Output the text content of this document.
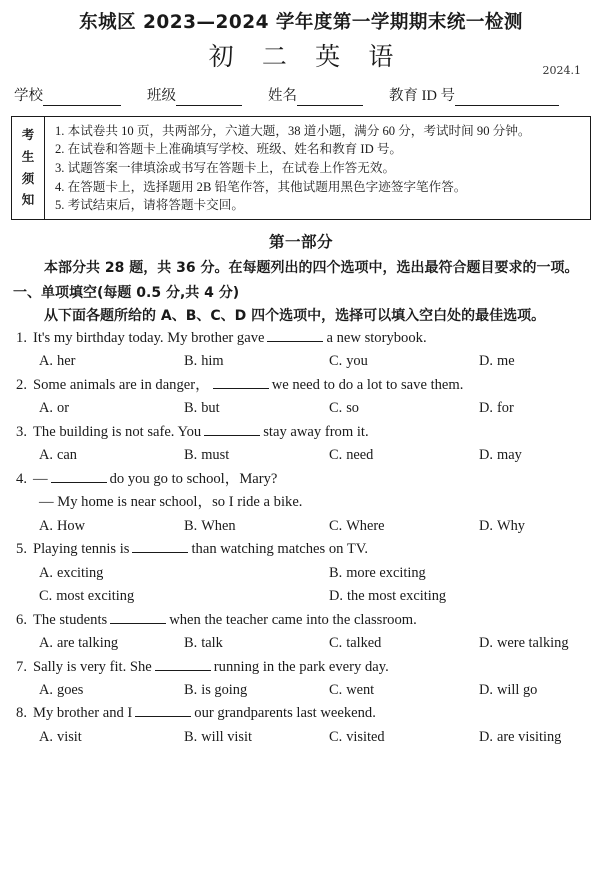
东城区 2023—2024 学年度第一学期期末统一检测
初 二 英 语	2024.1
学校	班级	姓名	教育 ID 号
考
生
须
知
1. 本试卷共 10 页，共两部分，六道大题，38 道小题，满分 60 分，考试时间 90 分钟。
2. 在试卷和答题卡上准确填写学校、班级、姓名和教育 ID 号。
3. 试题答案一律填涂或书写在答题卡上，在试卷上作答无效。
4. 在答题卡上，选择题用 2B 铅笔作答，其他试题用黑色字迹签字笔作答。
5. 考试结束后，请将答题卡交回。
第一部分

本部分共 28 题，共 36 分。在每题列出的四个选项中，选出最符合题目要求的一项。

一、单项填空(每题 0.5 分,共 4 分)
从下面各题所给的 A、B、C、D 四个选项中，选择可以填入空白处的最佳选项。
1. It's my birthday today. My brother gave	a new storybook.
A. her	B. him	C. you	D. me
2. Some animals are in danger，	we need to do a lot to save them.
A. or	B. but	C. so	D. for
3. The building is not safe. You	stay away from it.
A. can	B. must	C. need	D. may
4. —	do you go to school，Mary?
— My home is near school，so I ride a bike.
A. How	B. When	C. Where	D. Why
5. Playing tennis is	than watching matches on TV.
A. exciting	B. more exciting
C. most exciting	D. the most exciting
6. The students	when the teacher came into the classroom.
A. are talking	B. talk	C. talked	D. were talking
7. Sally is very fit. She	running in the park every day.
A. goes	B. is going	C. went	D. will go
8. My brother and I	our grandparents last weekend.
A. visit	B. will visit	C. visited	D. are visiting
